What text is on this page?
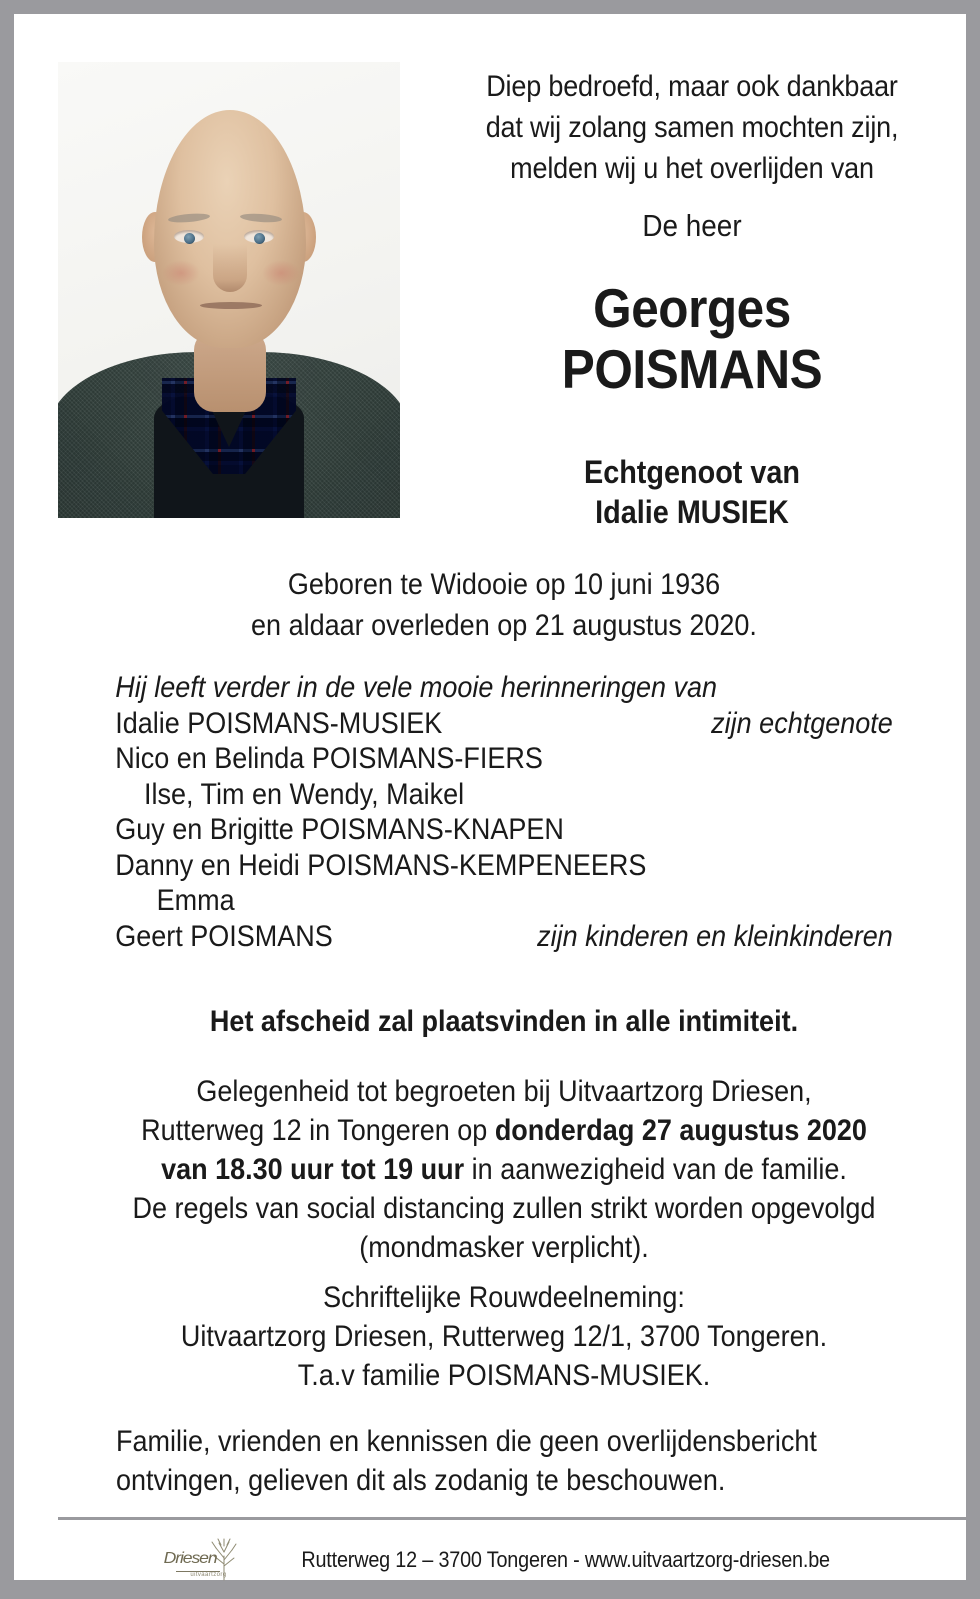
Diep bedroefd, maar ook dankbaar
dat wij zolang samen mochten zijn,
melden wij u het overlijden van
De heer
Georges
POISMANS
Echtgenoot van
Idalie MUSIEK
Geboren te Widooie op 10 juni 1936
en aldaar overleden op 21 augustus 2020.
Hij leeft verder in de vele mooie herinneringen van
Idalie POISMANS-MUSIEK	zijn echtgenote
Nico en Belinda POISMANS-FIERS
Ilse, Tim en Wendy, Maikel
Guy en Brigitte POISMANS-KNAPEN
Danny en Heidi POISMANS-KEMPENEERS
Emma
Geert POISMANS	zijn kinderen en kleinkinderen
Het afscheid zal plaatsvinden in alle intimiteit.
Gelegenheid tot begroeten bij Uitvaartzorg Driesen,
Rutterweg 12 in Tongeren op donderdag 27 augustus 2020
van 18.30 uur tot 19 uur in aanwezigheid van de familie.
De regels van social distancing zullen strikt worden opgevolgd
(mondmasker verplicht).
Schriftelijke Rouwdeelneming:
Uitvaartzorg Driesen, Rutterweg 12/1, 3700 Tongeren.
T.a.v familie POISMANS-MUSIEK.
Familie, vrienden en kennissen die geen overlijdensbericht
ontvingen, gelieven dit als zodanig te beschouwen.
Driesen
uitvaartzorg
Rutterweg 12 – 3700 Tongeren - www.uitvaartzorg-driesen.be
